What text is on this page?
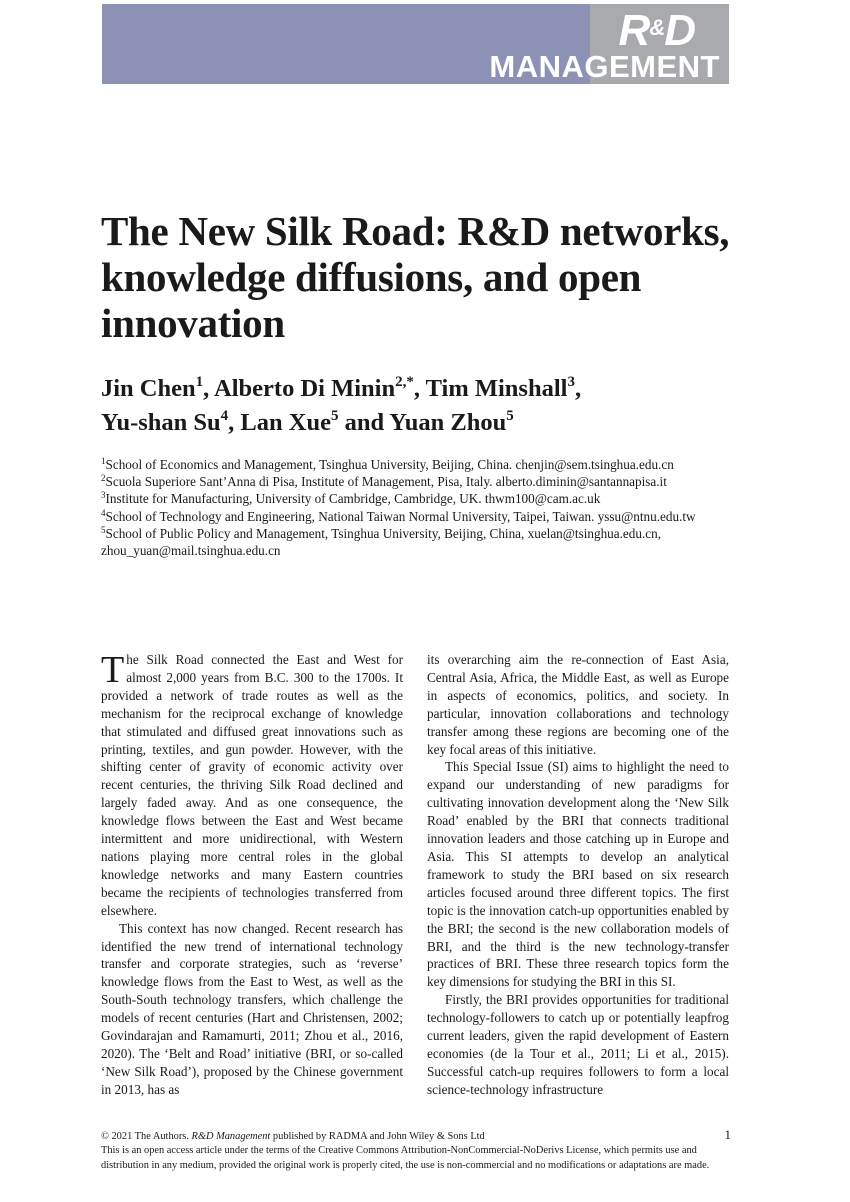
R&D
MANAGEMENT
The New Silk Road: R&D networks, knowledge diffusions, and open innovation

Jin Chen$^1$, Alberto Di Minin$^{2,*}$, Tim Minshall$^3$,
Yu-shan Su$^4$, Lan Xue$^5$ and Yuan Zhou$^5$

$^1$School of Economics and Management, Tsinghua University, Beijing, China. chenjin@sem.tsinghua.edu.cn
$^2$Scuola Superiore Sant’Anna di Pisa, Institute of Management, Pisa, Italy. alberto.diminin@santannapisa.it
$^3$Institute for Manufacturing, University of Cambridge, Cambridge, UK. thwm100@cam.ac.uk
$^4$School of Technology and Engineering, National Taiwan Normal University, Taipei, Taiwan. yssu@ntnu.edu.tw
$^5$School of Public Policy and Management, Tsinghua University, Beijing, China, xuelan@tsinghua.edu.cn, zhou_yuan@mail.tsinghua.edu.cn

The Silk Road connected the East and West for almost 2,000 years from B.C. 300 to the 1700s. It provided a network of trade routes as well as the mechanism for the reciprocal exchange of knowledge that stimulated and diffused great innovations such as printing, textiles, and gun powder. However, with the shifting center of gravity of economic activity over recent centuries, the thriving Silk Road declined and largely faded away. And as one consequence, the knowledge flows between the East and West became intermittent and more unidirectional, with Western nations playing more central roles in the global knowledge networks and many Eastern countries became the recipients of technologies transferred from elsewhere.

This context has now changed. Recent research has identified the new trend of international technology transfer and corporate strategies, such as ‘reverse’ knowledge flows from the East to West, as well as the South-South technology transfers, which challenge the models of recent centuries (Hart and Christensen, 2002; Govindarajan and Ramamurti, 2011; Zhou et al., 2016, 2020). The ‘Belt and Road’ initiative (BRI, or so-called ‘New Silk Road’), proposed by the Chinese government in 2013, has as

its overarching aim the re-connection of East Asia, Central Asia, Africa, the Middle East, as well as Europe in aspects of economics, politics, and society. In particular, innovation collaborations and technology transfer among these regions are becoming one of the key focal areas of this initiative.

This Special Issue (SI) aims to highlight the need to expand our understanding of new paradigms for cultivating innovation development along the ‘New Silk Road’ enabled by the BRI that connects traditional innovation leaders and those catching up in Europe and Asia. This SI attempts to develop an analytical framework to study the BRI based on six research articles focused around three different topics. The first topic is the innovation catch-up opportunities enabled by the BRI; the second is the new collaboration models of BRI, and the third is the new technology-transfer practices of BRI. These three research topics form the key dimensions for studying the BRI in this SI.

Firstly, the BRI provides opportunities for traditional technology-followers to catch up or potentially leapfrog current leaders, given the rapid development of Eastern economies (de la Tour et al., 2011; Li et al., 2015). Successful catch-up requires followers to form a local science-technology infrastructure

© 2021 The Authors. R&D Management published by RADMA and John Wiley & Sons Ltd
This is an open access article under the terms of the Creative Commons Attribution-NonCommercial-NoDerivs License, which permits use and distribution in any medium, provided the original work is properly cited, the use is non-commercial and no modifications or adaptations are made.
1
